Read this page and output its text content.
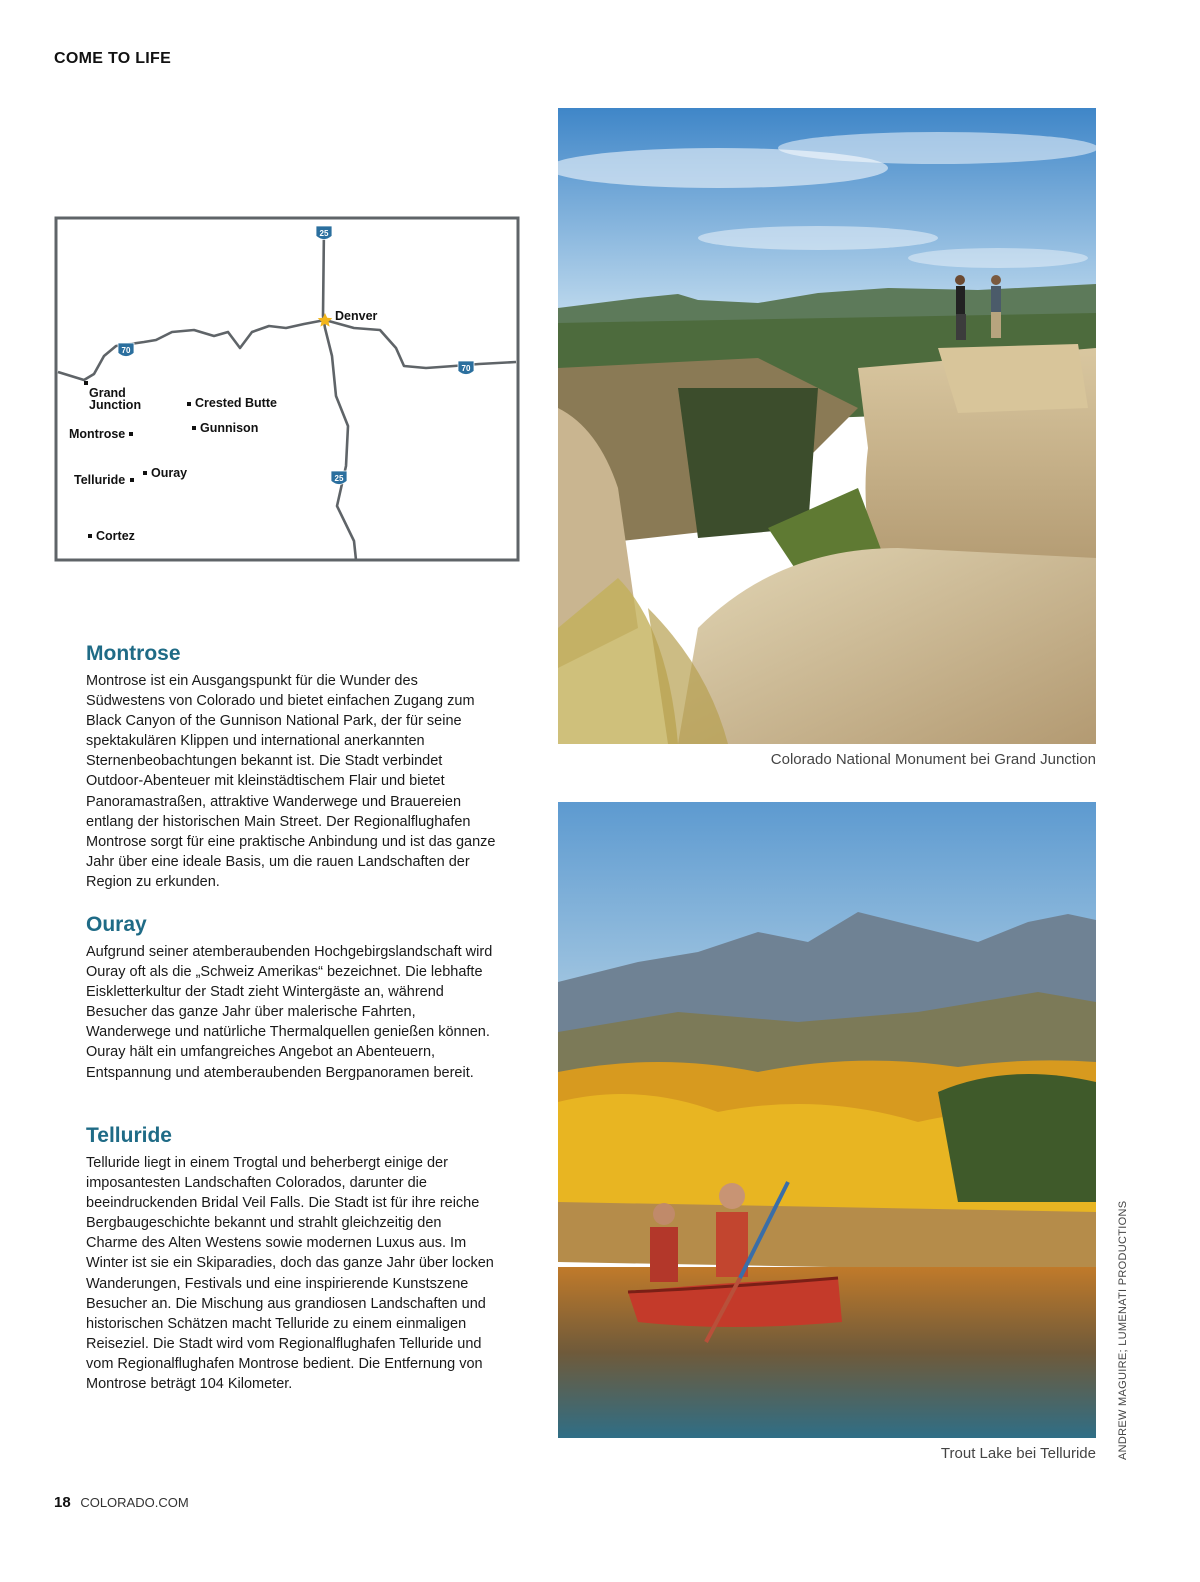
COME TO LIFE
25
25
70
70
Denver
Grand
Junction	Crested Butte
Gunnison
Montrose
Ouray
Telluride
Cortez
Montrose

Montrose ist ein Ausgangspunkt für die Wunder des Südwestens von Colorado und bietet einfachen Zugang zum Black Canyon of the Gunnison National Park, der für seine spektakulären Klippen und international anerkannten Sternenbeobachtungen bekannt ist. Die Stadt verbindet Outdoor-Abenteuer mit kleinstädtischem Flair und bietet Panoramastraßen, attraktive Wanderwege und Brauereien entlang der historischen Main Street. Der Regionalflughafen Montrose sorgt für eine praktische Anbindung und ist das ganze Jahr über eine ideale Basis, um die rauen Landschaften der Region zu erkunden.

Ouray

Aufgrund seiner atemberaubenden Hochgebirgslandschaft wird Ouray oft als die „Schweiz Amerikas“ bezeichnet. Die lebhafte Eiskletterkultur der Stadt zieht Wintergäste an, während Besucher das ganze Jahr über malerische Fahrten, Wanderwege und natürliche Thermalquellen genießen können. Ouray hält ein umfangreiches Angebot an Abenteuern, Entspannung und atemberaubenden Bergpanoramen bereit.

Telluride

Telluride liegt in einem Trogtal und beherbergt einige der imposantesten Landschaften Colorados, darunter die beeindruckenden Bridal Veil Falls. Die Stadt ist für ihre reiche Bergbaugeschichte bekannt und strahlt gleichzeitig den Charme des Alten Westens sowie modernen Luxus aus. Im Winter ist sie ein Skiparadies, doch das ganze Jahr über locken Wanderungen, Festivals und eine inspirierende Kunstszene Besucher an. Die Mischung aus grandiosen Landschaften und historischen Schätzen macht Telluride zu einem einmaligen Reiseziel. Die Stadt wird vom Regionalflughafen Telluride und vom Regionalflughafen Montrose bedient. Die Entfernung von Montrose beträgt 104 Kilometer.

Colorado National Monument bei Grand Junction
Trout Lake bei Telluride ANDREW MAGUIRE; LUMENATI PRODUCTIONS
18 COLORADO.COM
